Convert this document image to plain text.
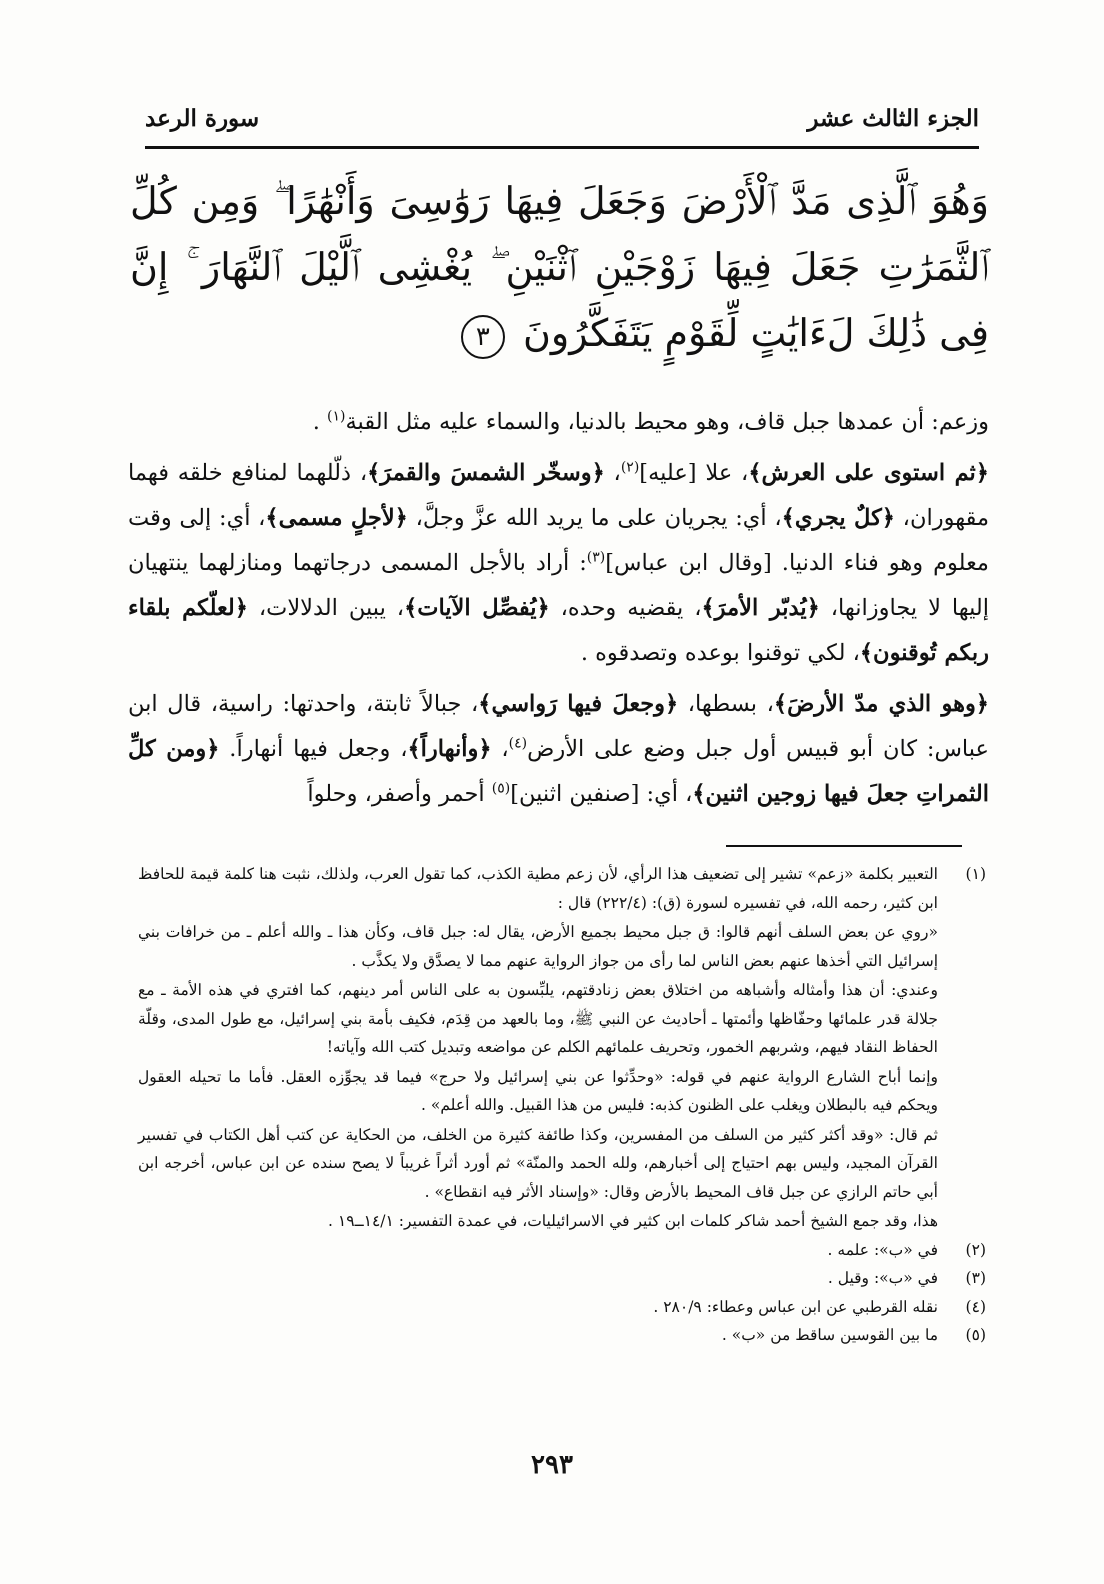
الجزء الثالث عشر
سورة الرعد
وَهُوَ ٱلَّذِى مَدَّ ٱلْأَرْضَ وَجَعَلَ فِيهَا رَوَٰسِىَ وَأَنْهَٰرًا ۖ وَمِن كُلِّ ٱلثَّمَرَٰتِ جَعَلَ فِيهَا زَوْجَيْنِ ٱثْنَيْنِ ۖ يُغْشِى ٱلَّيْلَ ٱلنَّهَارَ ۚ إِنَّ فِى ذَٰلِكَ لَءَايَٰتٍ لِّقَوْمٍ يَتَفَكَّرُونَ ٣

وزعم: أن عمدها جبل قاف، وهو محيط بالدنيا، والسماء عليه مثل القبة$^{(١)}$ .

﴿ثم استوى على العرش﴾، علا [عليه]$^{(٢)}$، ﴿وسخّر الشمسَ والقمرَ﴾، ذلّلهما لمنافع خلقه فهما مقهوران، ﴿كلٌ يجري﴾، أي: يجريان على ما يريد الله عزَّ وجلَّ، ﴿لأجلٍ مسمى﴾، أي: إلى وقت معلوم وهو فناء الدنيا. [وقال ابن عباس]$^{(٣)}$: أراد بالأجل المسمى درجاتهما ومنازلهما ينتهيان إليها لا يجاوزانها، ﴿يُدبّر الأمرَ﴾، يقضيه وحده، ﴿يُفصِّل الآيات﴾، يبين الدلالات، ﴿لعلّكم بلقاء ربكم تُوقنون﴾، لكي توقنوا بوعده وتصدقوه .

﴿وهو الذي مدّ الأرضَ﴾، بسطها، ﴿وجعلَ فيها رَواسي﴾، جبالاً ثابتة، واحدتها: راسية، قال ابن عباس: كان أبو قبيس أول جبل وضع على الأرض$^{(٤)}$، ﴿وأنهاراً﴾، وجعل فيها أنهاراً. ﴿ومن كلِّ الثمراتِ جعلَ فيها زوجين اثنين﴾، أي: [صنفين اثنين]$^{(٥)}$ أحمر وأصفر، وحلواً

(١)

التعبير بكلمة «زعم» تشير إلى تضعيف هذا الرأي، لأن زعم مطية الكذب، كما تقول العرب، ولذلك، نثبت هنا كلمة قيمة للحافظ ابن كثير، رحمه الله، في تفسيره لسورة (ق): (٢٢٢/٤) قال :

«روي عن بعض السلف أنهم قالوا: ق جبل محيط بجميع الأرض، يقال له: جبل قاف، وكأن هذا ـ والله أعلم ـ من خرافات بني إسرائيل التي أخذها عنهم بعض الناس لما رأى من جواز الرواية عنهم مما لا يصدَّق ولا يكذَّب .

وعندي: أن هذا وأمثاله وأشباهه من اختلاق بعض زنادقتهم، يلبِّسون به على الناس أمر دينهم، كما افتري في هذه الأمة ـ مع جلالة قدر علمائها وحفّاظها وأئمتها ـ أحاديث عن النبي ﷺ، وما بالعهد من قِدَم، فكيف بأمة بني إسرائيل، مع طول المدى، وقلّة الحفاظ النقاد فيهم، وشربهم الخمور، وتحريف علمائهم الكلم عن مواضعه وتبديل كتب الله وآياته!

وإنما أباح الشارع الرواية عنهم في قوله: «وحدِّثوا عن بني إسرائيل ولا حرج» فيما قد يجوِّزه العقل. فأما ما تحيله العقول ويحكم فيه بالبطلان ويغلب على الظنون كذبه: فليس من هذا القبيل. والله أعلم» .

ثم قال: «وقد أكثر كثير من السلف من المفسرين، وكذا طائفة كثيرة من الخلف، من الحكاية عن كتب أهل الكتاب في تفسير القرآن المجيد، وليس بهم احتياج إلى أخبارهم، ولله الحمد والمنّة» ثم أورد أثراً غريباً لا يصح سنده عن ابن عباس، أخرجه ابن أبي حاتم الرازي عن جبل قاف المحيط بالأرض وقال: «وإسناد الأثر فيه انقطاع» .

هذا، وقد جمع الشيخ أحمد شاكر كلمات ابن كثير في الاسرائيليات، في عمدة التفسير: ١٤/١ــ١٩ .

(٢)

في «ب»: علمه .

(٣)

في «ب»: وقيل .

(٤)

نقله القرطبي عن ابن عباس وعطاء: ٢٨٠/٩ .

(٥)

ما بين القوسين ساقط من «ب» .

٢٩٣
